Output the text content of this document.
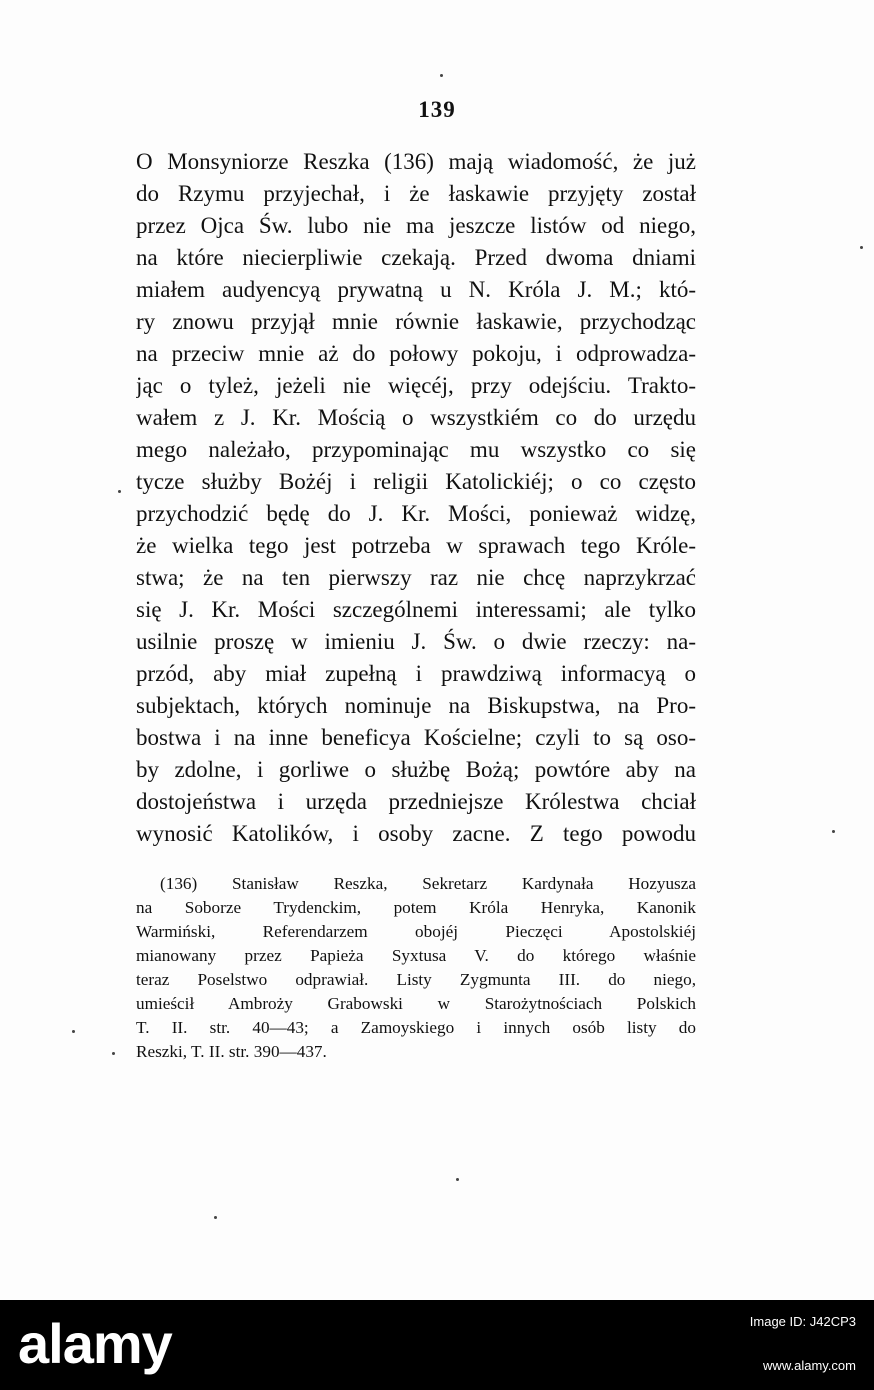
139
O Monsyniorze Reszka (136) mają wiadomość, że już
do Rzymu przyjechał, i że łaskawie przyjęty został
przez Ojca Św. lubo nie ma jeszcze listów od niego,
na które niecierpliwie czekają. Przed dwoma dniami
miałem audyencyą prywatną u N. Króla J. M.; któ-
ry znowu przyjął mnie równie łaskawie, przychodząc
na przeciw mnie aż do połowy pokoju, i odprowadza-
jąc o tyleż, jeżeli nie więcéj, przy odejściu. Trakto-
wałem z J. Kr. Mością o wszystkiém co do urzędu
mego należało, przypominając mu wszystko co się
tycze służby Bożéj i religii Katolickiéj; o co często
przychodzić będę do J. Kr. Mości, ponieważ widzę,
że wielka tego jest potrzeba w sprawach tego Króle-
stwa; że na ten pierwszy raz nie chcę naprzykrzać
się J. Kr. Mości szczególnemi interessami; ale tylko
usilnie proszę w imieniu J. Św. o dwie rzeczy: na-
przód, aby miał zupełną i prawdziwą informacyą o
subjektach, których nominuje na Biskupstwa, na Pro-
bostwa i na inne beneficya Kościelne; czyli to są oso-
by zdolne, i gorliwe o służbę Bożą; powtóre aby na
dostojeństwa i urzęda przedniejsze Królestwa chciał
wynosić Katolików, i osoby zacne. Z tego powodu
(136) Stanisław Reszka, Sekretarz Kardynała Hozyusza
na Soborze Trydenckim, potem Króla Henryka, Kanonik
Warmiński, Referendarzem obojéj Pieczęci Apostolskiéj
mianowany przez Papieża Syxtusa V. do którego właśnie
teraz Poselstwo odprawiał. Listy Zygmunta III. do niego,
umieścił Ambroży Grabowski w Starożytnościach Polskich
T. II. str. 40—43; a Zamoyskiego i innych osób listy do
Reszki, T. II. str. 390—437.
alamy	Image ID: J42CP3
www.alamy.com
